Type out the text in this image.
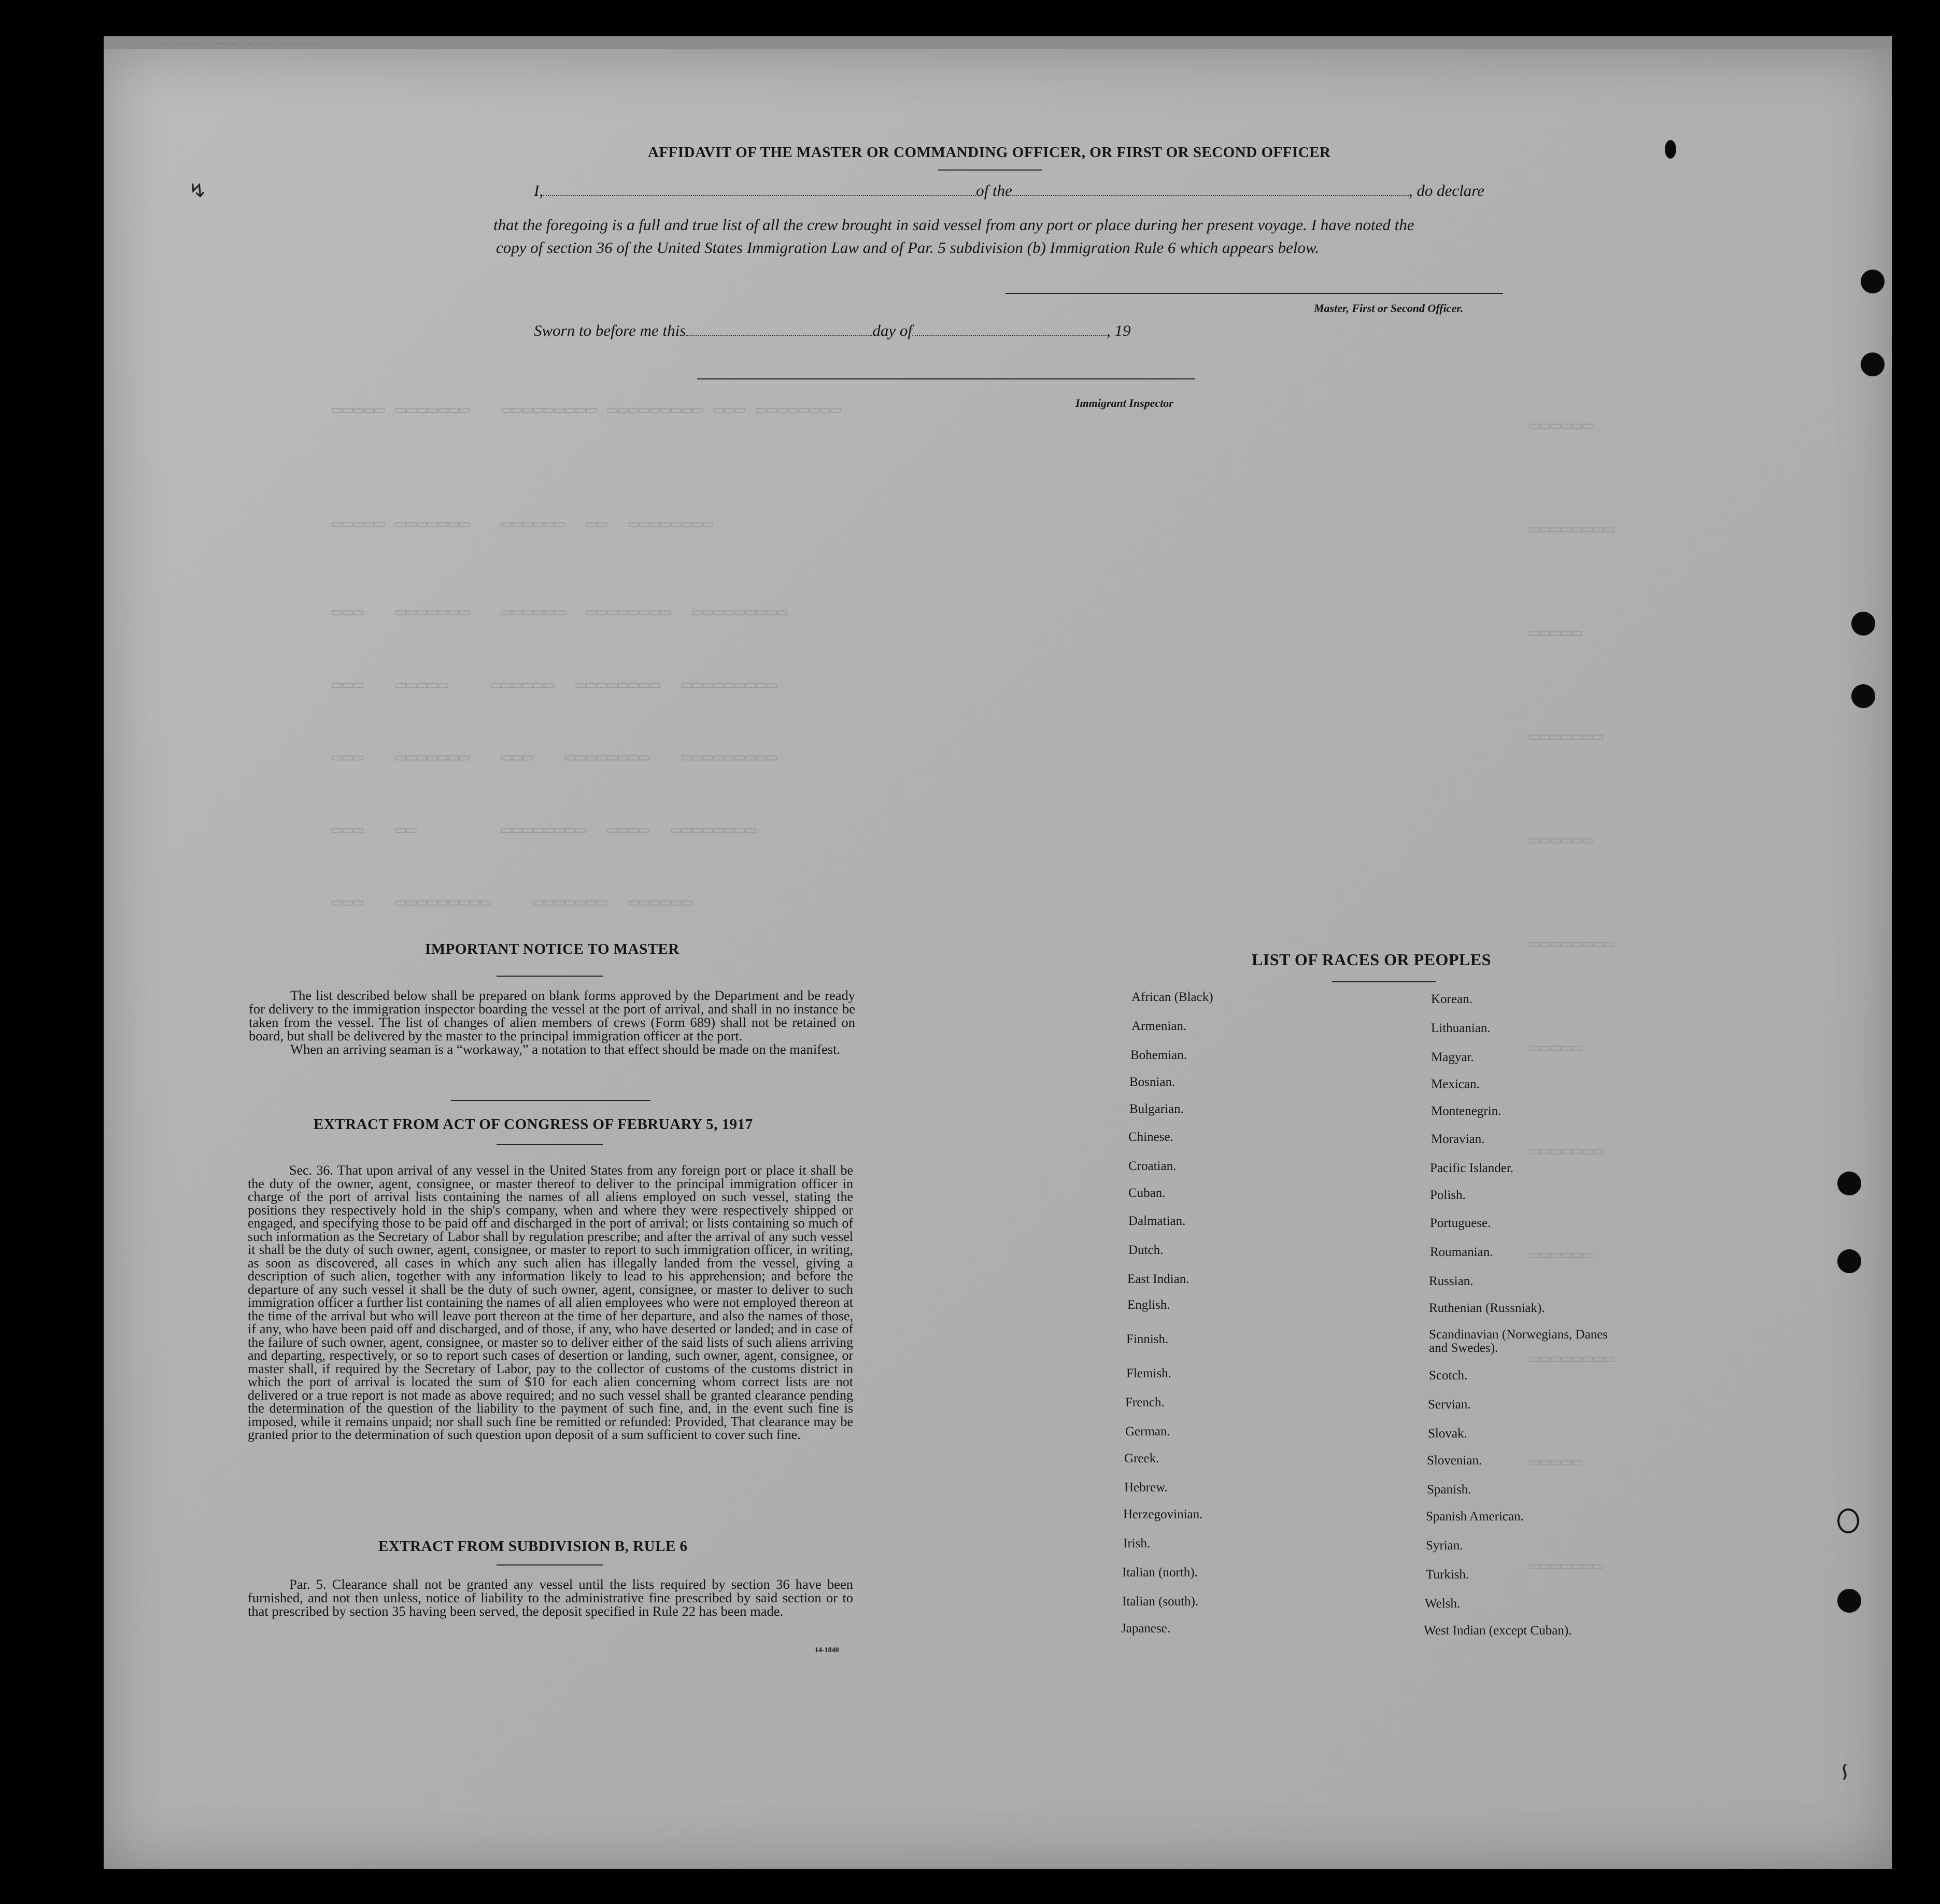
···· ··· ···· ·· ·· · ······· · ··· ···· ··· ·········· ··· ·· ·
▭▭▭▭▭ ▭▭▭▭▭▭▭   ▭▭▭▭▭▭▭▭▭ ▭▭▭▭▭▭▭▭▭ ▭▭▭ ▭▭▭▭▭▭▭▭
▭▭▭▭▭ ▭▭▭▭▭▭▭   ▭▭▭▭▭▭  ▭▭  ▭▭▭▭▭▭▭▭
▭▭▭   ▭▭▭▭▭▭▭   ▭▭▭▭▭▭  ▭▭▭▭▭▭▭▭  ▭▭▭▭▭▭▭▭▭
▭▭▭   ▭▭▭▭▭    ▭▭▭▭▭▭  ▭▭▭▭▭▭▭▭  ▭▭▭▭▭▭▭▭▭
▭▭▭   ▭▭▭▭▭▭▭   ▭▭▭   ▭▭▭▭▭▭▭▭   ▭▭▭▭▭▭▭▭▭
▭▭▭   ▭▭        ▭▭▭▭▭▭▭▭  ▭▭▭▭  ▭▭▭▭▭▭▭▭
▭▭▭   ▭▭▭▭▭▭▭▭▭    ▭▭▭▭▭▭▭  ▭▭▭▭▭▭
▭▭▭▭▭▭
▭▭▭▭▭▭▭▭
▭▭▭▭▭
▭▭▭▭▭▭▭
▭▭▭▭▭▭
▭▭▭▭▭▭▭▭
▭▭▭▭▭
▭▭▭▭▭▭▭
▭▭▭▭▭▭
▭▭▭▭▭▭▭▭
▭▭▭▭▭
▭▭▭▭▭▭▭
↯
∽
AFFIDAVIT OF THE MASTER OR COMMANDING OFFICER, OR FIRST OR SECOND OFFICER
I,	of the	, do declare
that the foregoing is a full and true list of all the crew brought in said vessel from any port or place during her present voyage. I have noted the
copy of section 36 of the United States Immigration Law and of Par. 5 subdivision (b) Immigration Rule 6 which appears below.
Master, First or Second Officer.
Sworn to before me this	day of	, 19
Immigrant Inspector
IMPORTANT NOTICE TO MASTER

The list described below shall be prepared on blank forms approved by the Department and be ready for delivery to the immigration inspector boarding the vessel at the port of arrival, and shall in no instance be taken from the vessel. The list of changes of alien members of crews (Form 689) shall not be retained on board, but shall be delivered by the master to the principal immigration officer at the port.

When an arriving seaman is a “workaway,” a notation to that effect should be made on the manifest.

EXTRACT FROM ACT OF CONGRESS OF FEBRUARY 5, 1917

Sec. 36. That upon arrival of any vessel in the United States from any foreign port or place it shall be the duty of the owner, agent, consignee, or master thereof to deliver to the principal immigration officer in charge of the port of arrival lists containing the names of all aliens employed on such vessel, stating the positions they respectively hold in the ship's company, when and where they were respectively shipped or engaged, and specifying those to be paid off and discharged in the port of arrival; or lists containing so much of such information as the Secretary of Labor shall by regulation prescribe; and after the arrival of any such vessel it shall be the duty of such owner, agent, consignee, or master to report to such immigration officer, in writing, as soon as discovered, all cases in which any such alien has illegally landed from the vessel, giving a description of such alien, together with any information likely to lead to his apprehension; and before the departure of any such vessel it shall be the duty of such owner, agent, consignee, or master to deliver to such immigration officer a further list containing the names of all alien employees who were not employed thereon at the time of the arrival but who will leave port thereon at the time of her departure, and also the names of those, if any, who have been paid off and discharged, and of those, if any, who have deserted or landed; and in case of the failure of such owner, agent, consignee, or master so to deliver either of the said lists of such aliens arriving and departing, respectively, or so to report such cases of desertion or landing, such owner, agent, consignee, or master shall, if required by the Secretary of Labor, pay to the collector of customs of the customs district in which the port of arrival is located the sum of $10 for each alien concerning whom correct lists are not delivered or a true report is not made as above required; and no such vessel shall be granted clearance pending the determination of the question of the liability to the payment of such fine, and, in the event such fine is imposed, while it remains unpaid; nor shall such fine be remitted or refunded: Provided, That clearance may be granted prior to the determination of such question upon deposit of a sum sufficient to cover such fine.

EXTRACT FROM SUBDIVISION B, RULE 6

Par. 5. Clearance shall not be granted any vessel until the lists required by section 36 have been furnished, and not then unless, notice of liability to the administrative fine prescribed by said section or to that prescribed by section 35 having been served, the deposit specified in Rule 22 has been made.

14-1840
LIST OF RACES OR PEOPLES
African (Black)
Armenian.
Bohemian.
Bosnian.
Bulgarian.
Chinese.
Croatian.
Cuban.
Dalmatian.
Dutch.
East Indian.
English.
Finnish.
Flemish.
French.
German.
Greek.
Hebrew.
Herzegovinian.
Irish.
Italian (north).
Italian (south).
Japanese.
Korean.
Lithuanian.
Magyar.
Mexican.
Montenegrin.
Moravian.
Pacific Islander.
Polish.
Portuguese.
Roumanian.
Russian.
Ruthenian (Russniak).
Scandinavian (Norwegians, Danes and Swedes).
Scotch.
Servian.
Slovak.
Slovenian.
Spanish.
Spanish American.
Syrian.
Turkish.
Welsh.
West Indian (except Cuban).
